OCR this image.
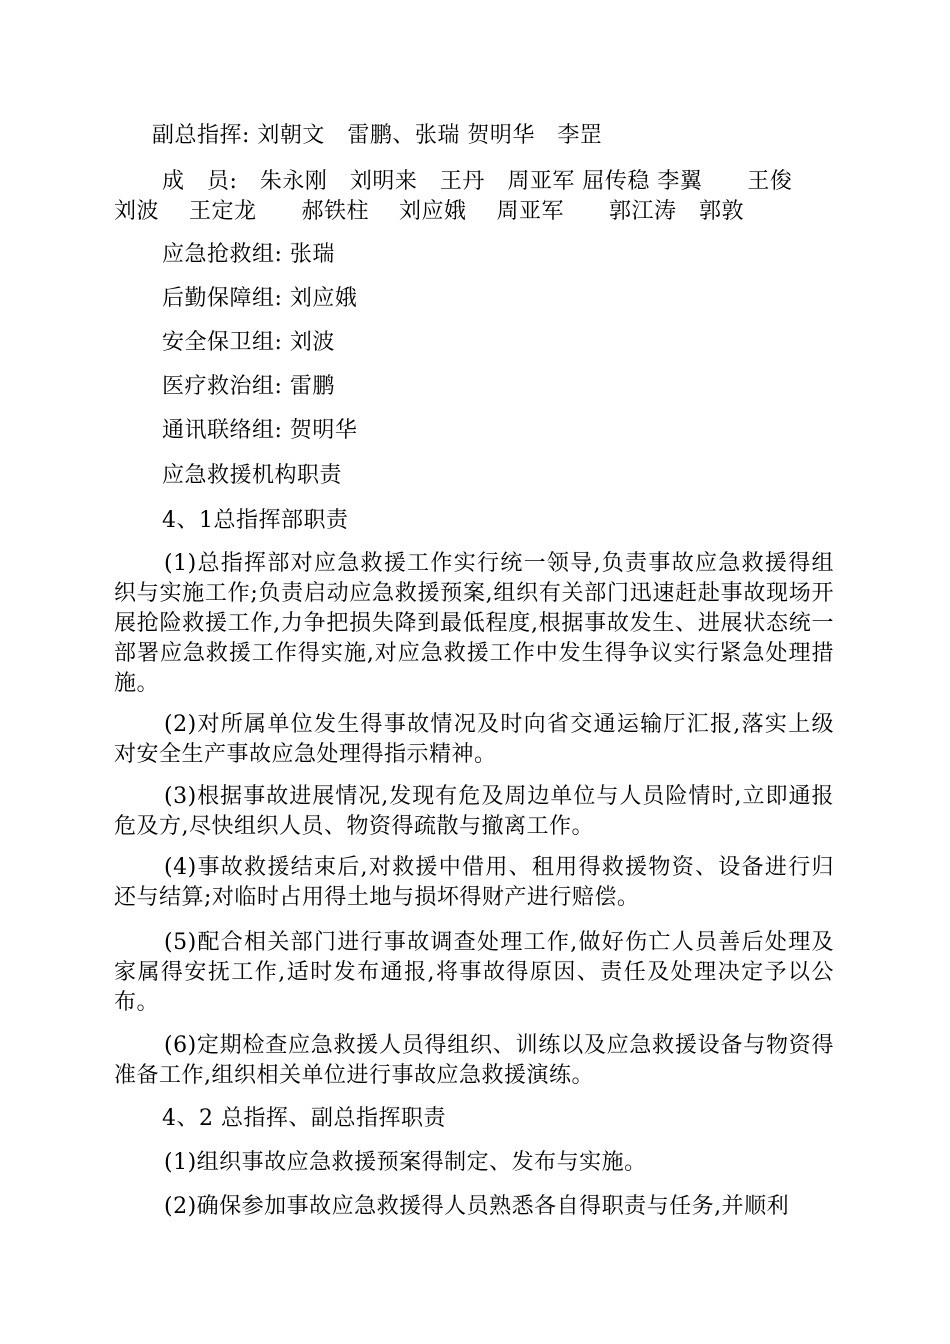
副总指挥: 刘朝文　雷鹏、张瑞 贺明华　李罡
成　员:　朱永刚　刘明来　王丹　周亚军 屈传稳 李翼　　王俊
刘波　 王定龙　　郝铁柱　 刘应娥　 周亚军　　郭江涛　郭敦
应急抢救组: 张瑞
后勤保障组: 刘应娥
安全保卫组: 刘波
医疗救治组: 雷鹏
通讯联络组: 贺明华
应急救援机构职责
4、1总指挥部职责
(1)总指挥部对应急救援工作实行统一领导,负责事故应急救援得组织与实施工作;负责启动应急救援预案,组织有关部门迅速赶赴事故现场开展抢险救援工作,力争把损失降到最低程度,根据事故发生、进展状态统一部署应急救援工作得实施,对应急救援工作中发生得争议实行紧急处理措施。
(2)对所属单位发生得事故情况及时向省交通运输厅汇报,落实上级对安全生产事故应急处理得指示精神。
(3)根据事故进展情况,发现有危及周边单位与人员险情时,立即通报危及方,尽快组织人员、物资得疏散与撤离工作。
(4)事故救援结束后,对救援中借用、租用得救援物资、设备进行归还与结算;对临时占用得土地与损坏得财产进行赔偿。
(5)配合相关部门进行事故调查处理工作,做好伤亡人员善后处理及家属得安抚工作,适时发布通报,将事故得原因、责任及处理决定予以公布。
(6)定期检查应急救援人员得组织、训练以及应急救援设备与物资得准备工作,组织相关单位进行事故应急救援演练。
4、2 总指挥、副总指挥职责
(1)组织事故应急救援预案得制定、发布与实施。
(2)确保参加事故应急救援得人员熟悉各自得职责与任务,并顺利
